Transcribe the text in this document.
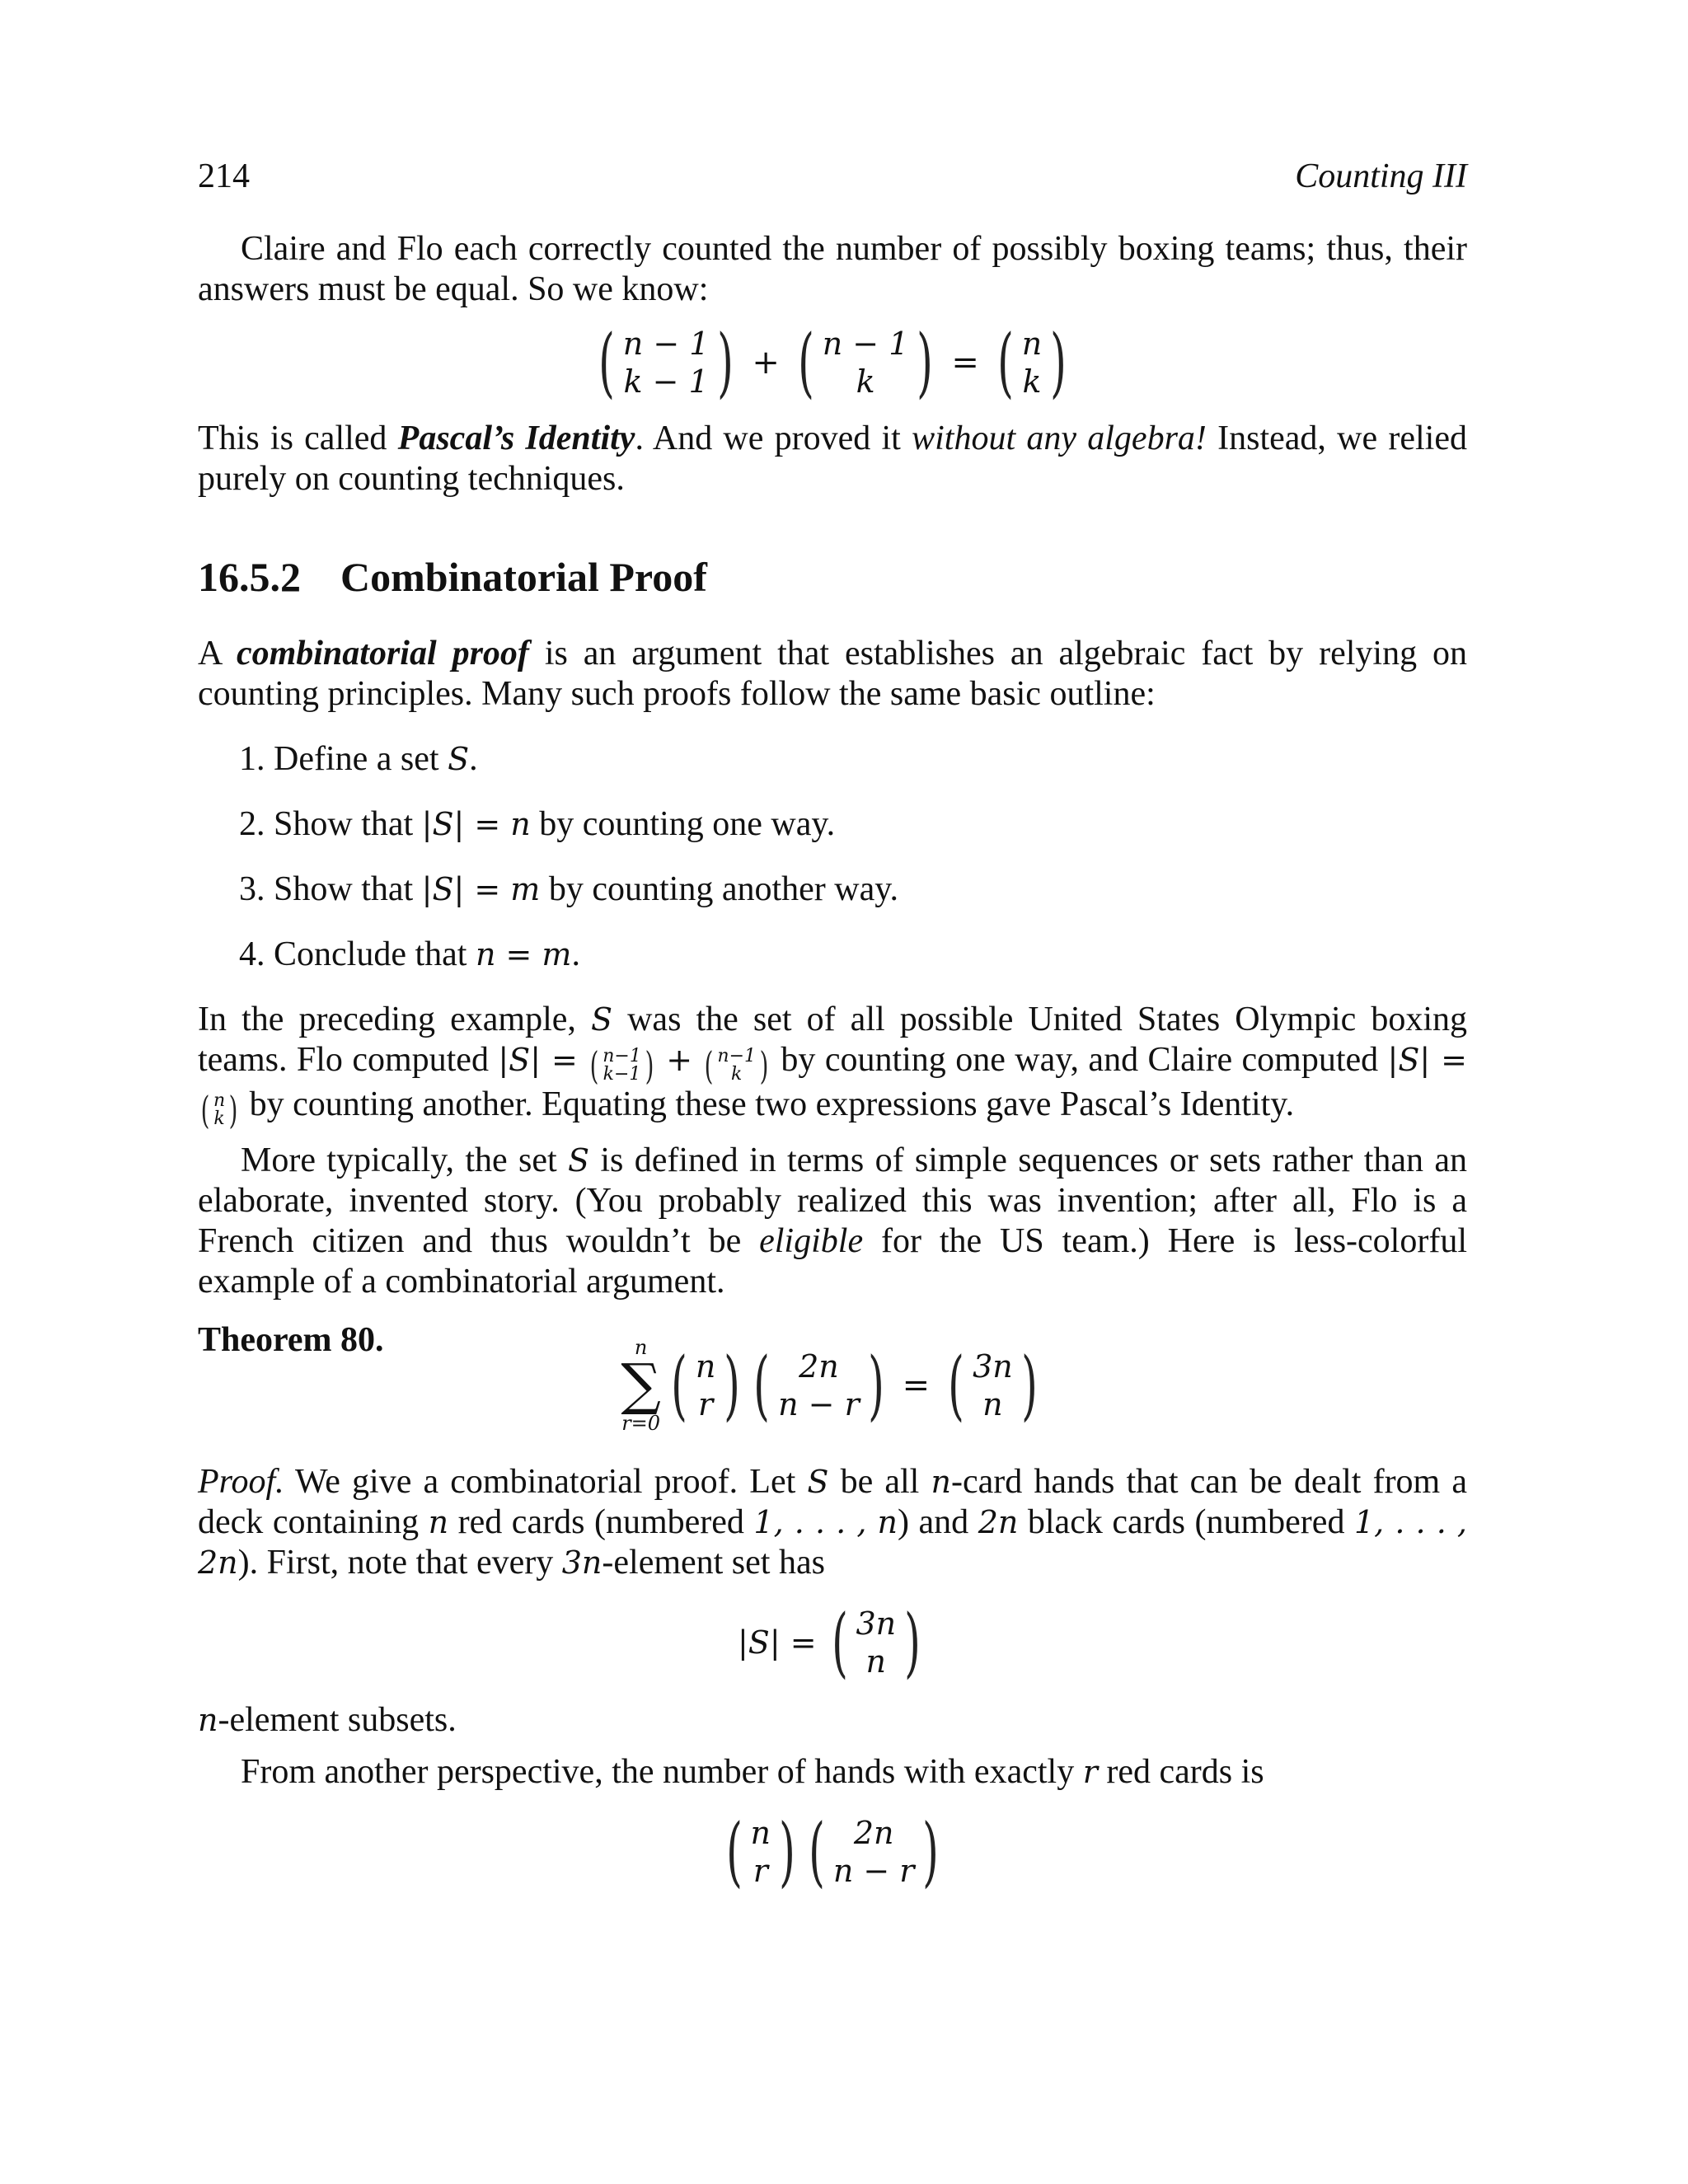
214	Counting III

Claire and Flo each correctly counted the number of possibly boxing teams; thus, their answers must be equal. So we know:

( n − 1
k − 1 ) + ( n − 1
k ) = ( n
k )

This is called Pascal’s Identity. And we proved it without any algebra! Instead, we relied purely on counting techniques.

16.5.2 Combinatorial Proof

A combinatorial proof is an argument that establishes an algebraic fact by relying on counting principles. Many such proofs follow the same basic outline:

1. Define a set S.
2. Show that |S| = n by counting one way.
3. Show that |S| = m by counting another way.
4. Conclude that n = m.

In the preceding example, S was the set of all possible United States Olympic boxing teams. Flo computed |S| = ( n−1
k−1 ) + ( n−1
k ) by counting one way, and Claire computed |S| =
( n
k ) by counting another. Equating these two expressions gave Pascal’s Identity.

More typically, the set S is defined in terms of simple sequences or sets rather than an elaborate, invented story. (You probably realized this was invention; after all, Flo is a French citizen and thus wouldn’t be eligible for the US team.) Here is less-colorful example of a combinatorial argument.

Theorem 80.	n
∑
r=0 ( n
r ) ( 2n
n − r ) = ( 3n
n )

Proof. We give a combinatorial proof. Let S be all n-card hands that can be dealt from a deck containing n red cards (numbered 1, . . . , n) and 2n black cards (numbered 1, . . . , 2n). First, note that every 3n-element set has

|S| = ( 3n
n )

n-element subsets.

From another perspective, the number of hands with exactly r red cards is

( n
r ) ( 2n
n − r )
